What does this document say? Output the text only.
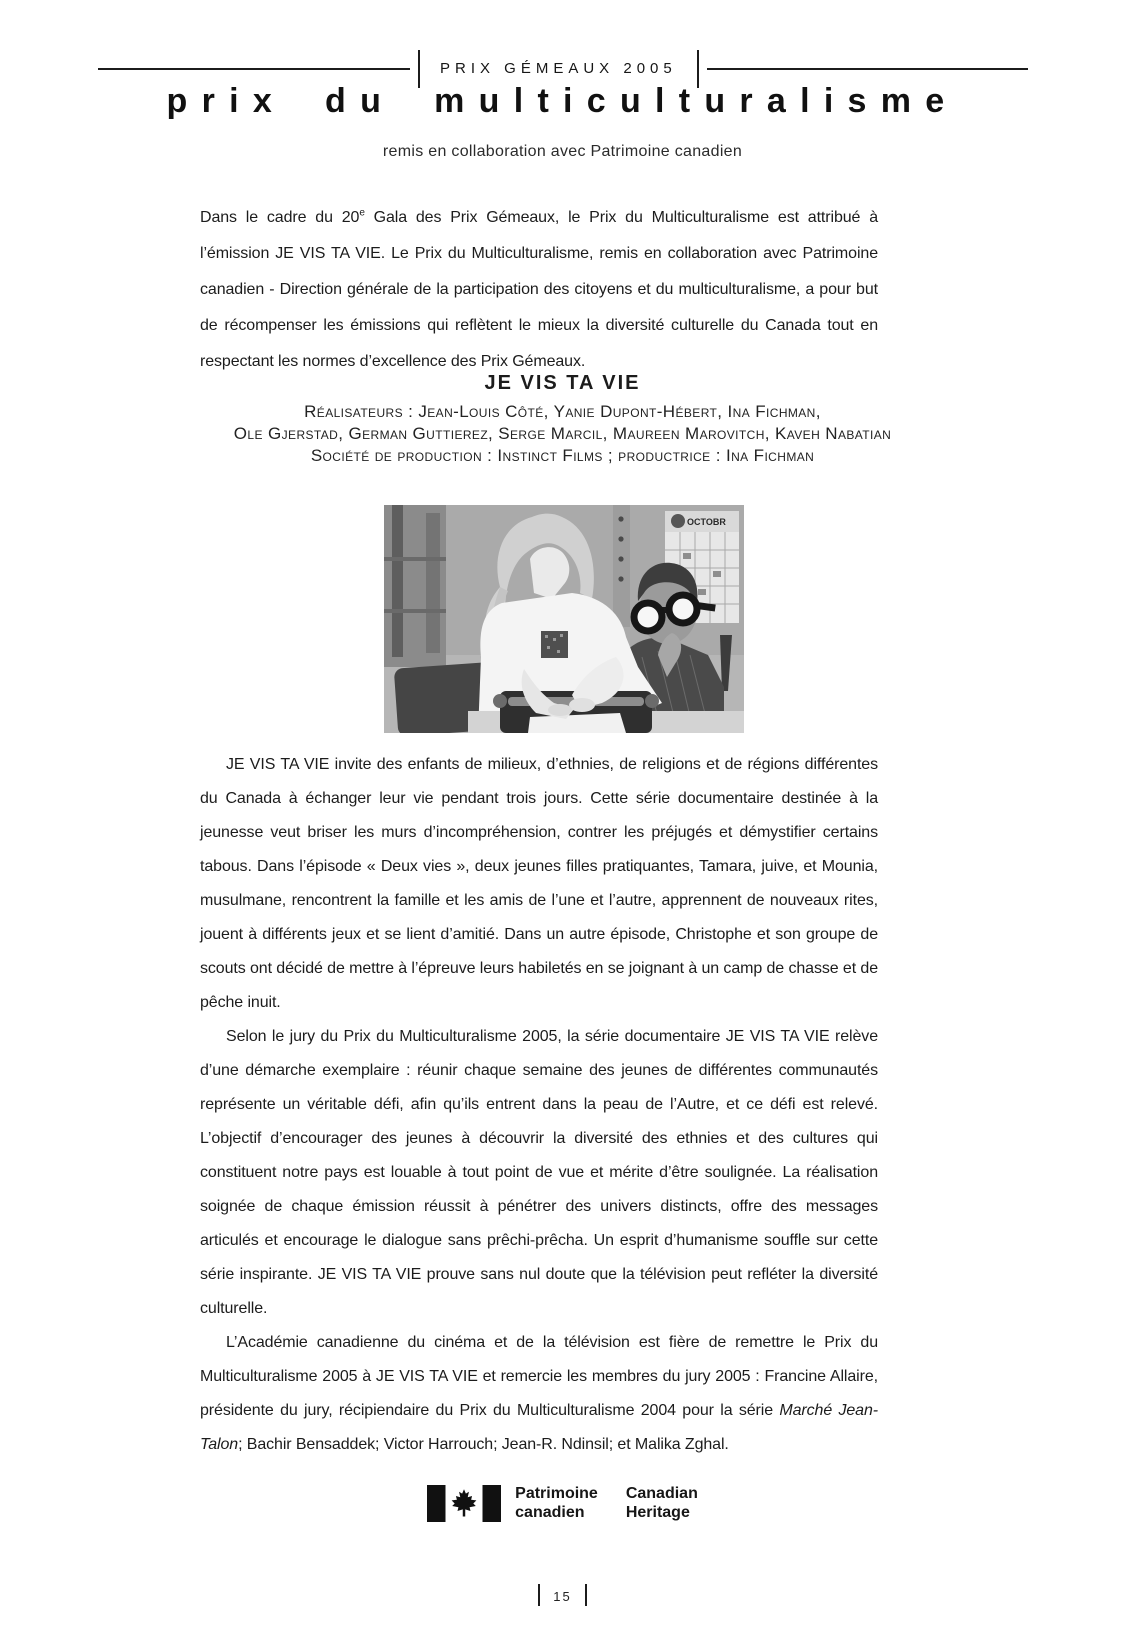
PRIX GÉMEAUX 2005
prix du multiculturalisme
remis en collaboration avec Patrimoine canadien
Dans le cadre du 20e Gala des Prix Gémeaux, le Prix du Multiculturalisme est attribué à l’émission JE VIS TA VIE. Le Prix du Multiculturalisme, remis en collaboration avec Patrimoine canadien - Direction générale de la participation des citoyens et du multiculturalisme, a pour but de récompenser les émissions qui reflètent le mieux la diversité culturelle du Canada tout en respectant les normes d’excellence des Prix Gémeaux.
JE VIS TA VIE
Réalisateurs : Jean-Louis Côté, Yanie Dupont-Hébert, Ina Fichman,
Ole Gjerstad, German Guttierez, Serge Marcil, Maureen Marovitch, Kaveh Nabatian
Société de production : Instinct Films ; productrice : Ina Fichman
OCTOBR

JE VIS TA VIE invite des enfants de milieux, d’ethnies, de religions et de régions différentes du Canada à échanger leur vie pendant trois jours. Cette série documentaire destinée à la jeunesse veut briser les murs d’incompréhension, contrer les préjugés et démystifier certains tabous. Dans l’épisode « Deux vies », deux jeunes filles pratiquantes, Tamara, juive, et Mounia, musulmane, rencontrent la famille et les amis de l’une et l’autre, apprennent de nouveaux rites, jouent à différents jeux et se lient d’amitié. Dans un autre épisode, Christophe et son groupe de scouts ont décidé de mettre à l’épreuve leurs habiletés en se joignant à un camp de chasse et de pêche inuit.

Selon le jury du Prix du Multiculturalisme 2005, la série documentaire JE VIS TA VIE relève d’une démarche exemplaire : réunir chaque semaine des jeunes de différentes communautés représente un véritable défi, afin qu’ils entrent dans la peau de l’Autre, et ce défi est relevé. L’objectif d’encourager des jeunes à découvrir la diversité des ethnies et des cultures qui constituent notre pays est louable à tout point de vue et mérite d’être soulignée. La réalisation soignée de chaque émission réussit à pénétrer des univers distincts, offre des messages articulés et encourage le dialogue sans prêchi-prêcha. Un esprit d’humanisme souffle sur cette série inspirante. JE VIS TA VIE prouve sans nul doute que la télévision peut refléter la diversité culturelle.

L’Académie canadienne du cinéma et de la télévision est fière de remettre le Prix du Multiculturalisme 2005 à JE VIS TA VIE et remercie les membres du jury 2005 : Francine Allaire, présidente du jury, récipiendaire du Prix du Multiculturalisme 2004 pour la série Marché Jean-Talon; Bachir Bensaddek; Victor Harrouch; Jean-R. Ndinsil; et Malika Zghal.

Patrimoine
canadien
Canadian
Heritage
15
